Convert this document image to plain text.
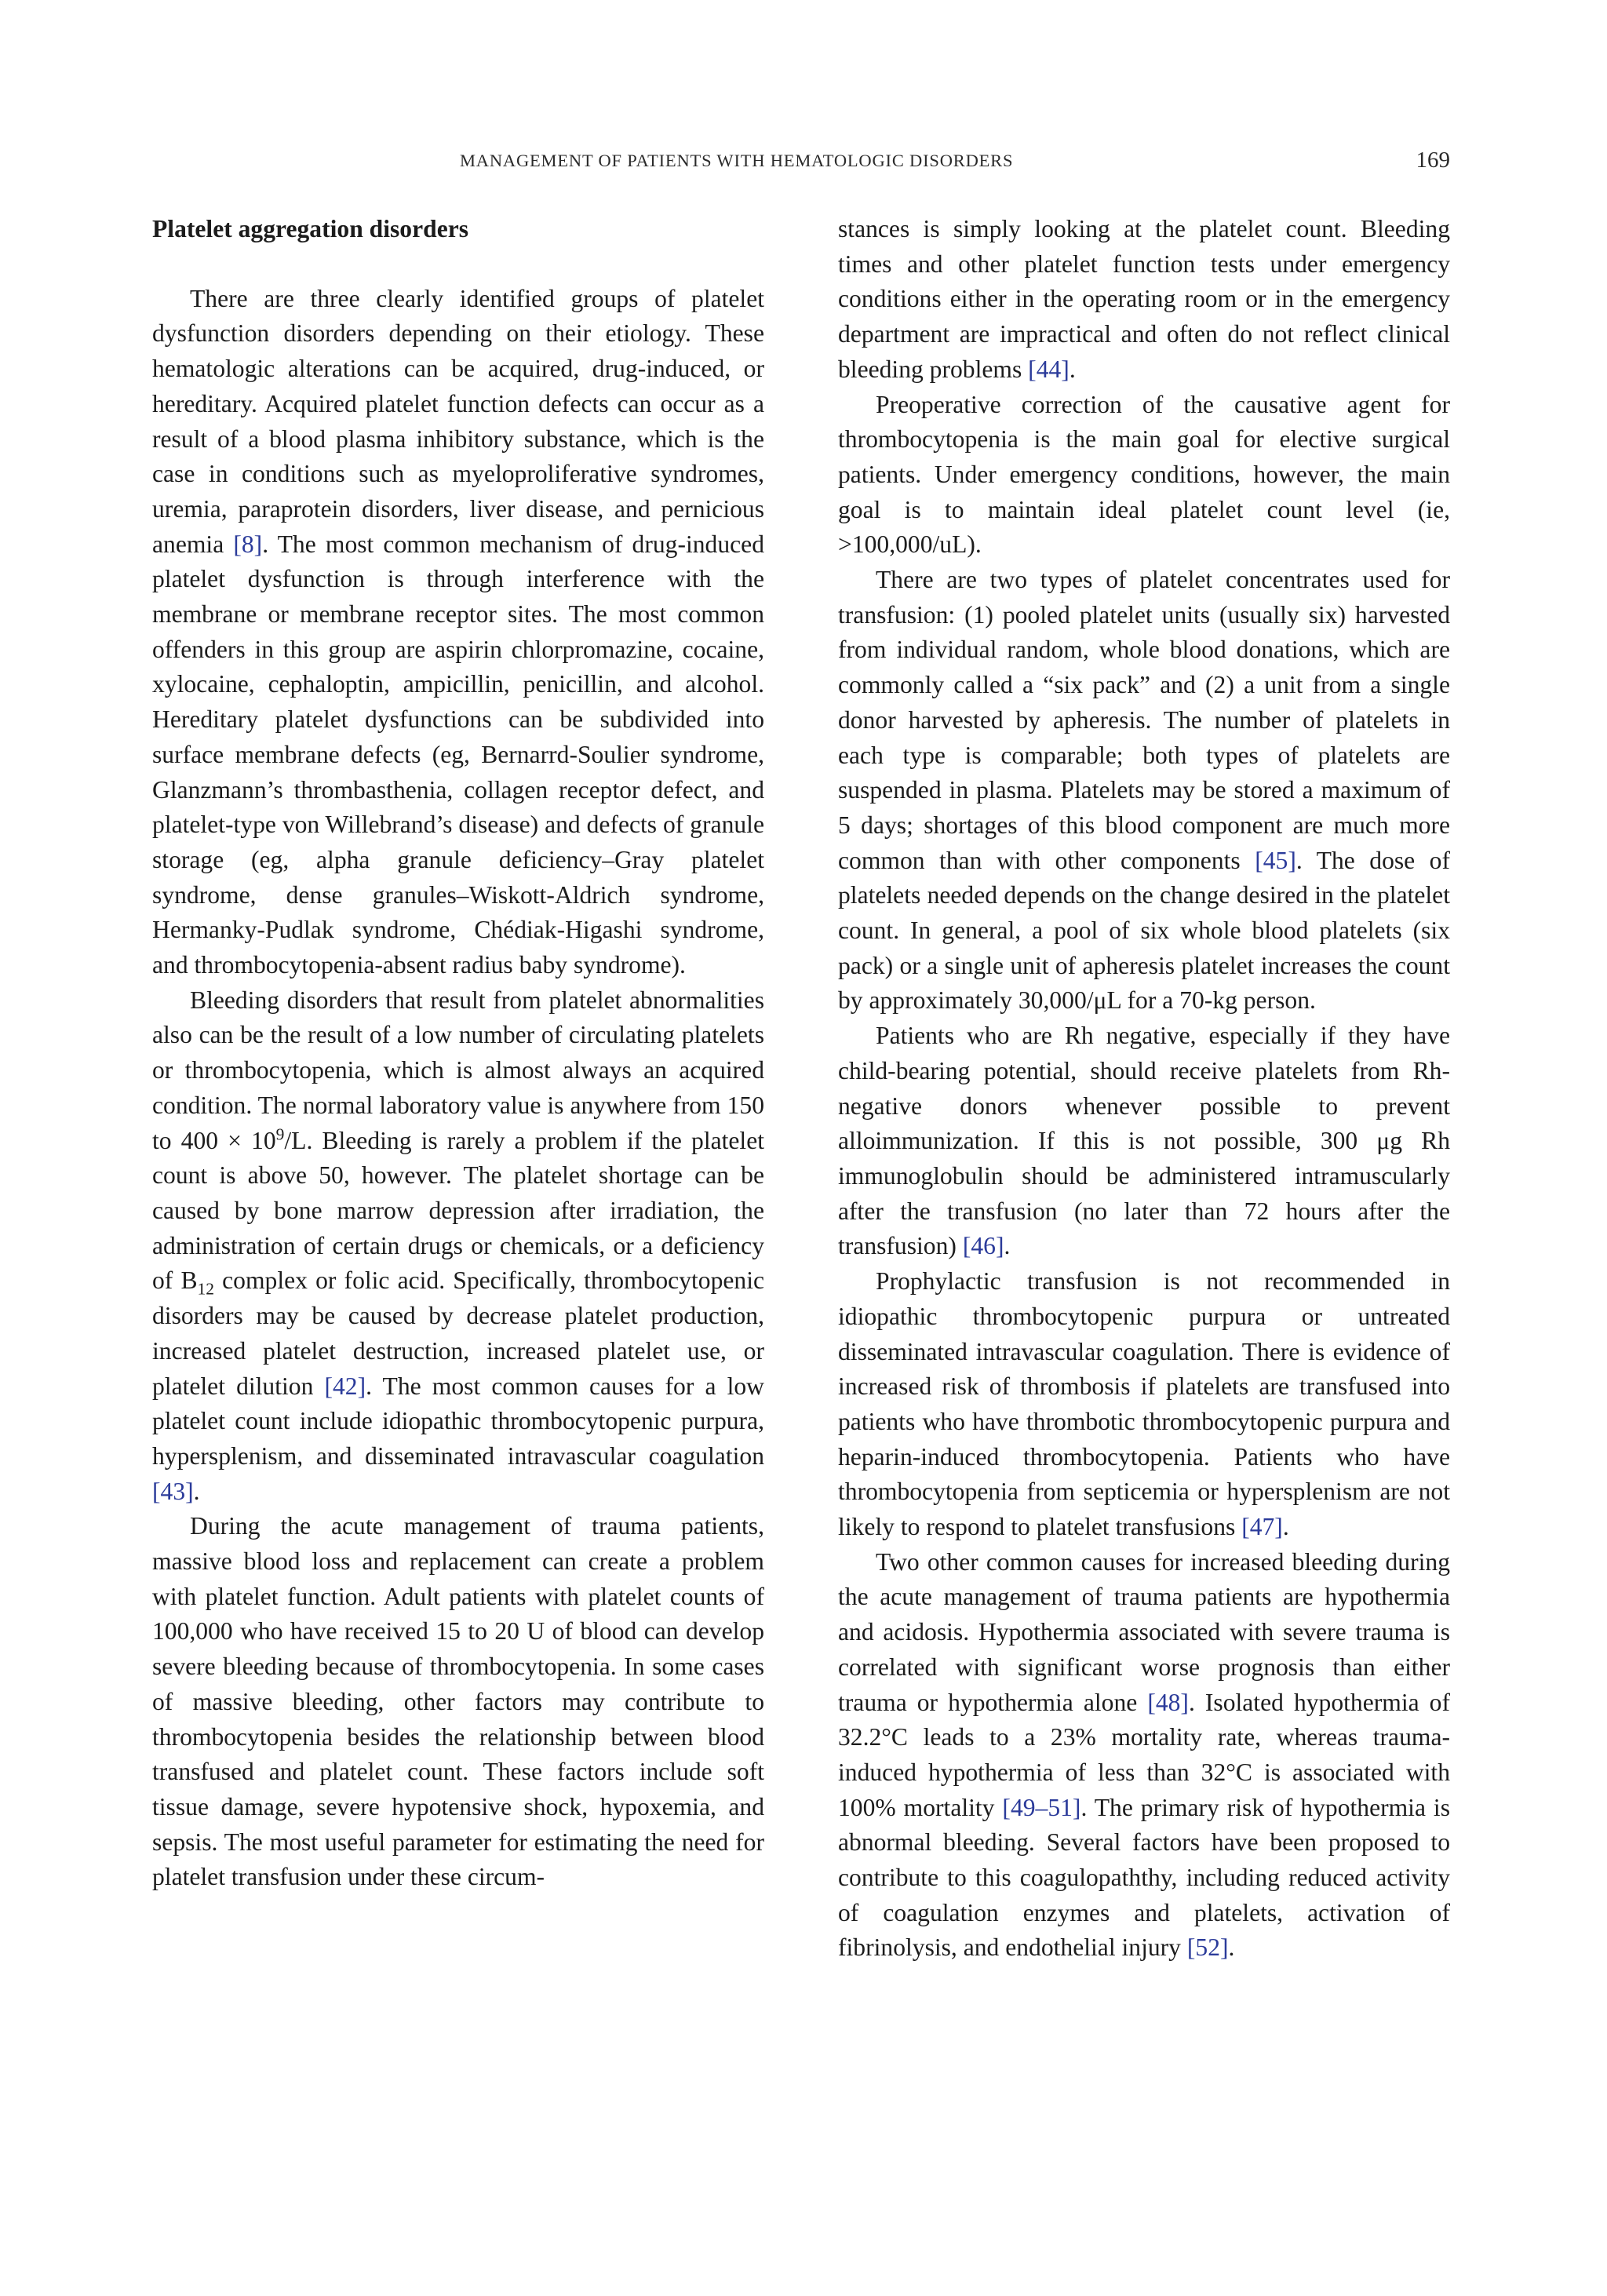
MANAGEMENT OF PATIENTS WITH HEMATOLOGIC DISORDERS	169
Platelet aggregation disorders

There are three clearly identified groups of platelet dysfunction disorders depending on their etiology. These hematologic alterations can be acquired, drug-induced, or hereditary. Acquired platelet function defects can occur as a result of a blood plasma inhibitory substance, which is the case in conditions such as myeloproliferative syndromes, uremia, paraprotein disorders, liver disease, and pernicious anemia [8]. The most common mechanism of drug-induced platelet dysfunction is through interference with the membrane or membrane receptor sites. The most common offenders in this group are aspirin chlorpromazine, cocaine, xylocaine, cephaloptin, ampicillin, penicillin, and alcohol. Hereditary platelet dysfunctions can be subdivided into surface membrane defects (eg, Bernarrd-Soulier syndrome, Glanzmann’s thrombasthenia, collagen receptor defect, and platelet-type von Willebrand’s disease) and defects of granule storage (eg, alpha granule deficiency–Gray platelet syndrome, dense granules–Wiskott-Aldrich syndrome, Hermanky-Pudlak syndrome, Chédiak-Higashi syndrome, and thrombocytopenia-absent radius baby syndrome).

Bleeding disorders that result from platelet abnormalities also can be the result of a low number of circulating platelets or thrombocytopenia, which is almost always an acquired condition. The normal laboratory value is anywhere from 150 to $400 \times 10^9/L$. Bleeding is rarely a problem if the platelet count is above 50, however. The platelet shortage can be caused by bone marrow depression after irradiation, the administration of certain drugs or chemicals, or a deficiency of $B_{12}$ complex or folic acid. Specifically, thrombocytopenic disorders may be caused by decrease platelet production, increased platelet destruction, increased platelet use, or platelet dilution [42]. The most common causes for a low platelet count include idiopathic thrombocytopenic purpura, hypersplenism, and disseminated intravascular coagulation [43].

During the acute management of trauma patients, massive blood loss and replacement can create a problem with platelet function. Adult patients with platelet counts of 100,000 who have received 15 to 20 U of blood can develop severe bleeding because of thrombocytopenia. In some cases of massive bleeding, other factors may contribute to thrombocytopenia besides the relationship between blood transfused and platelet count. These factors include soft tissue damage, severe hypotensive shock, hypoxemia, and sepsis. The most useful parameter for estimating the need for platelet transfusion under these circum-

stances is simply looking at the platelet count. Bleeding times and other platelet function tests under emergency conditions either in the operating room or in the emergency department are impractical and often do not reflect clinical bleeding problems [44].

Preoperative correction of the causative agent for thrombocytopenia is the main goal for elective surgical patients. Under emergency conditions, however, the main goal is to maintain ideal platelet count level (ie, >100,000/uL).

There are two types of platelet concentrates used for transfusion: (1) pooled platelet units (usually six) harvested from individual random, whole blood donations, which are commonly called a “six pack” and (2) a unit from a single donor harvested by apheresis. The number of platelets in each type is comparable; both types of platelets are suspended in plasma. Platelets may be stored a maximum of 5 days; shortages of this blood component are much more common than with other components [45]. The dose of platelets needed depends on the change desired in the platelet count. In general, a pool of six whole blood platelets (six pack) or a single unit of apheresis platelet increases the count by approximately 30,000/μL for a 70-kg person.

Patients who are Rh negative, especially if they have child-bearing potential, should receive platelets from Rh-negative donors whenever possible to prevent alloimmunization. If this is not possible, 300 μg Rh immunoglobulin should be administered intramuscularly after the transfusion (no later than 72 hours after the transfusion) [46].

Prophylactic transfusion is not recommended in idiopathic thrombocytopenic purpura or untreated disseminated intravascular coagulation. There is evidence of increased risk of thrombosis if platelets are transfused into patients who have thrombotic thrombocytopenic purpura and heparin-induced thrombocytopenia. Patients who have thrombocytopenia from septicemia or hypersplenism are not likely to respond to platelet transfusions [47].

Two other common causes for increased bleeding during the acute management of trauma patients are hypothermia and acidosis. Hypothermia associated with severe trauma is correlated with significant worse prognosis than either trauma or hypothermia alone [48]. Isolated hypothermia of 32.2°C leads to a 23% mortality rate, whereas trauma-induced hypothermia of less than 32°C is associated with 100% mortality [49–51]. The primary risk of hypothermia is abnormal bleeding. Several factors have been proposed to contribute to this coagulopaththy, including reduced activity of coagulation enzymes and platelets, activation of fibrinolysis, and endothelial injury [52].
